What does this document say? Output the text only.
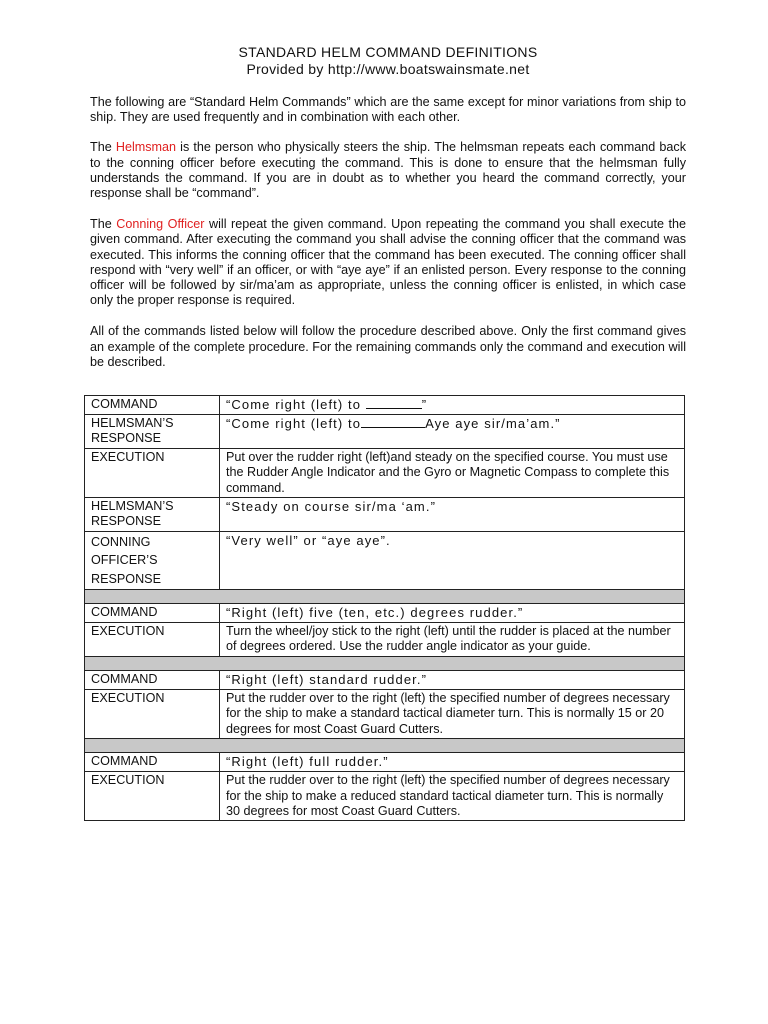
STANDARD HELM COMMAND DEFINITIONS
Provided by http://www.boatswainsmate.net

The following are “Standard Helm Commands” which are the same except for minor variations from ship to ship. They are used frequently and in combination with each other.

The Helmsman is the person who physically steers the ship. The helmsman repeats each command back to the conning officer before executing the command. This is done to ensure that the helmsman fully understands the command. If you are in doubt as to whether you heard the command correctly, your response shall be “command”.

The Conning Officer will repeat the given command. Upon repeating the command you shall execute the given command. After executing the command you shall advise the conning officer that the command was executed. This informs the conning officer that the command has been executed. The conning officer shall respond with “very well” if an officer, or with “aye aye” if an enlisted person. Every response to the conning officer will be followed by sir/ma’am as appropriate, unless the conning officer is enlisted, in which case only the proper response is required.

All of the commands listed below will follow the procedure described above. Only the first command gives an example of the complete procedure. For the remaining commands only the command and execution will be described.

COMMAND	“Come right (left) to ”
HELMSMAN’S
RESPONSE	“Come right (left) to Aye aye sir/ma’am.”
EXECUTION	Put over the rudder right (left)and steady on the specified course. You must use the Rudder Angle Indicator and the Gyro or Magnetic Compass to complete this command.
HELMSMAN’S
RESPONSE	“Steady on course sir/ma ‘am.”
CONNING
OFFICER’S
RESPONSE	“Very well” or “aye aye”.

COMMAND	“Right (left) five (ten, etc.) degrees rudder.”
EXECUTION	Turn the wheel/joy stick to the right (left) until the rudder is placed at the number of degrees ordered. Use the rudder angle indicator as your guide.

COMMAND	“Right (left) standard rudder.”
EXECUTION	Put the rudder over to the right (left) the specified number of degrees necessary for the ship to make a standard tactical diameter turn. This is normally 15 or 20 degrees for most Coast Guard Cutters.

COMMAND	“Right (left) full rudder.”
EXECUTION	Put the rudder over to the right (left) the specified number of degrees necessary for the ship to make a reduced standard tactical diameter turn. This is normally 30 degrees for most Coast Guard Cutters.
